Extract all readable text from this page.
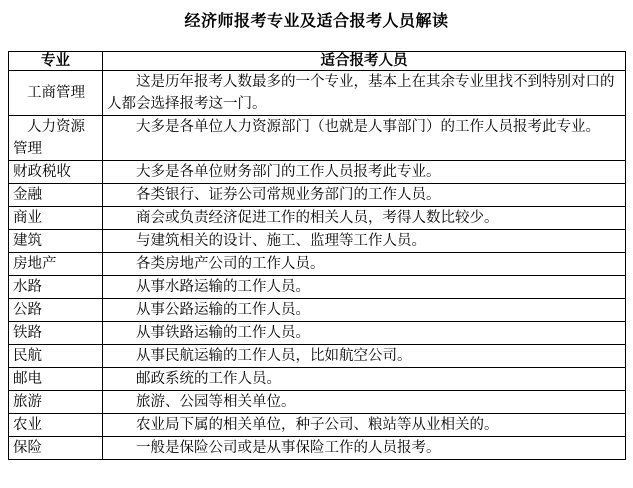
经济师报考专业及适合报考人员解读
专业	适合报考人员
工商管理	这是历年报考人数最多的一个专业，基本上在其余专业里找不到特别对口的人都会选择报考这一门。
人力资源管理	大多是各单位人力资源部门（也就是人事部门）的工作人员报考此专业。
财政税收	大多是各单位财务部门的工作人员报考此专业。
金融	各类银行、证券公司常规业务部门的工作人员。
商业	商会或负责经济促进工作的相关人员，考得人数比较少。
建筑	与建筑相关的设计、施工、监理等工作人员。
房地产	各类房地产公司的工作人员。
水路	从事水路运输的工作人员。
公路	从事公路运输的工作人员。
铁路	从事铁路运输的工作人员。
民航	从事民航运输的工作人员，比如航空公司。
邮电	邮政系统的工作人员。
旅游	旅游、公园等相关单位。
农业	农业局下属的相关单位，种子公司、粮站等从业相关的。
保险	一般是保险公司或是从事保险工作的人员报考。
